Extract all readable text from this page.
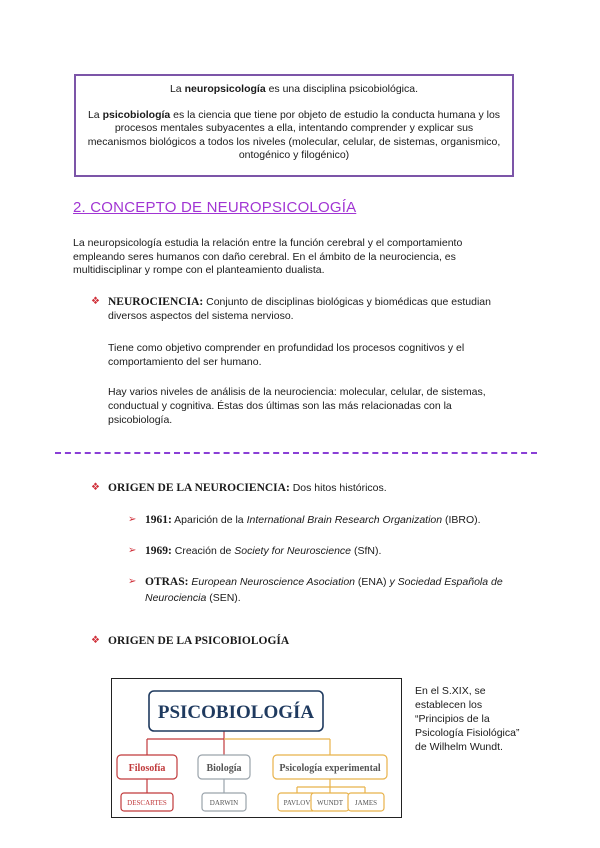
La neuropsicología es una disciplina psicobiológica.

La psicobiología es la ciencia que tiene por objeto de estudio la conducta humana y los procesos mentales subyacentes a ella, intentando comprender y explicar sus mecanismos biológicos a todos los niveles (molecular, celular, de sistemas, organismico, ontogénico y filogénico)

2. CONCEPTO DE NEUROPSICOLOGÍA
La neuropsicología estudia la relación entre la función cerebral y el comportamiento empleando seres humanos con daño cerebral. En el ámbito de la neurociencia, es multidisciplinar y rompe con el planteamiento dualista.
❖ NEUROCIENCIA: Conjunto de disciplinas biológicas y biomédicas que estudian diversos aspectos del sistema nervioso.
Tiene como objetivo comprender en profundidad los procesos cognitivos y el comportamiento del ser humano.
Hay varios niveles de análisis de la neurociencia: molecular, celular, de sistemas, conductual y cognitiva. Éstas dos últimas son las más relacionadas con la psicobiología.
❖ ORIGEN DE LA NEUROCIENCIA: Dos hitos históricos.
➢ 1961: Aparición de la International Brain Research Organization (IBRO).
➢ 1969: Creación de Society for Neuroscience (SfN).
➢ OTRAS: European Neuroscience Asociation (ENA) y Sociedad Española de Neurociencia (SEN).
❖ ORIGEN DE LA PSICOBIOLOGÍA
PSICOBIOLOGÍA
Filosofía	Biología	Psicología experimental
DESCARTES	DARWIN	PAVLOV WUNDT JAMES
En el S.XIX, se establecen los “Principios de la Psicología Fisiológica” de Wilhelm Wundt.
